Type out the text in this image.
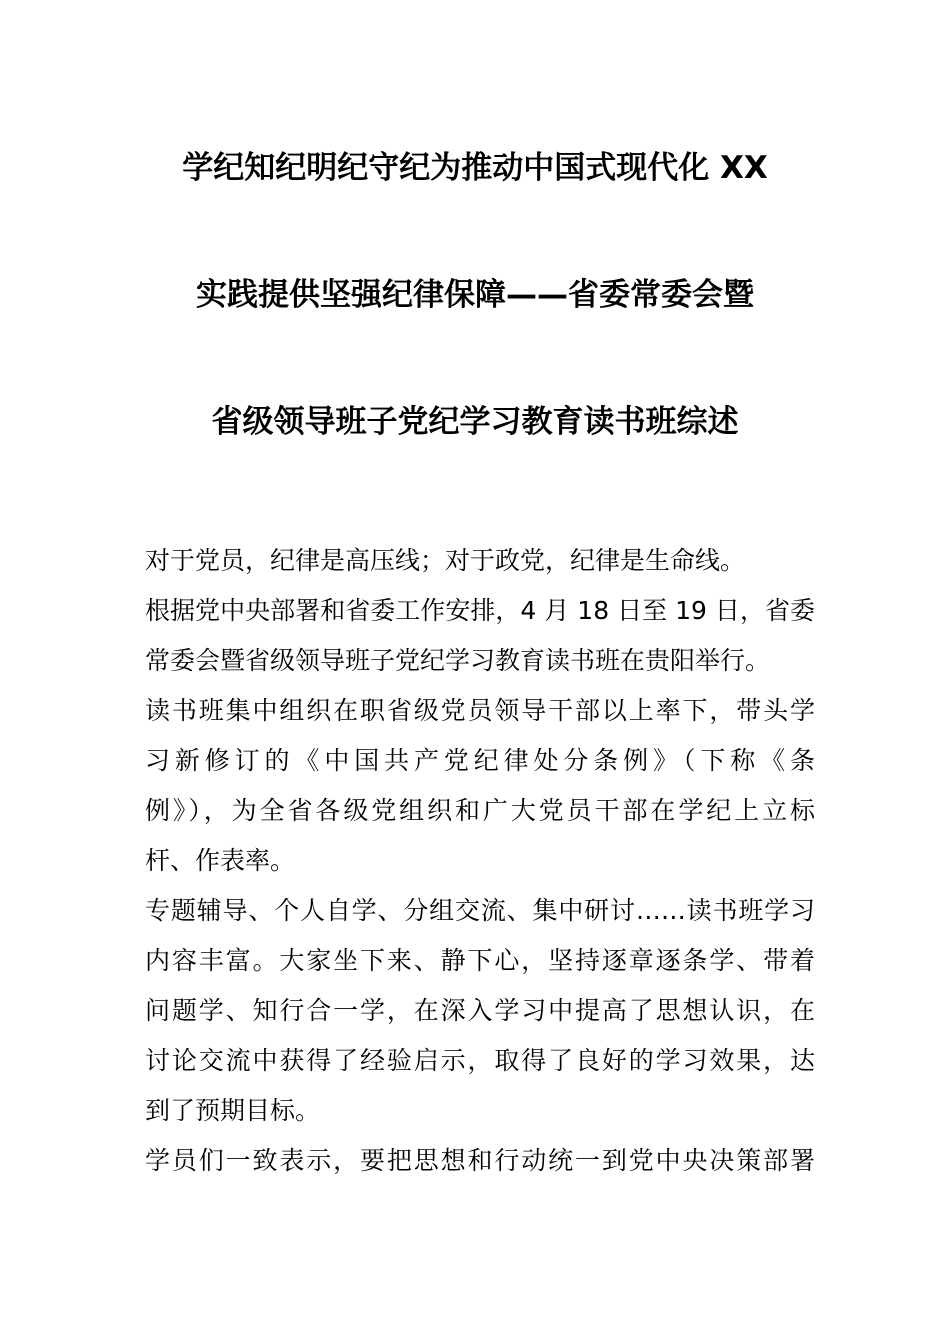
学纪知纪明纪守纪为推动中国式现代化 XX
实践提供坚强纪律保障——省委常委会暨
省级领导班子党纪学习教育读书班综述
对于党员，纪律是高压线；对于政党，纪律是生命线。
根据党中央部署和省委工作安排，4 月 18 日至 19 日，省委
常委会暨省级领导班子党纪学习教育读书班在贵阳举行。
读书班集中组织在职省级党员领导干部以上率下，带头学
习新修订的《中国共产党纪律处分条例》（下称《条
例》），为全省各级党组织和广大党员干部在学纪上立标
杆、作表率。
专题辅导、个人自学、分组交流、集中研讨……读书班学习
内容丰富。大家坐下来、静下心，坚持逐章逐条学、带着
问题学、知行合一学，在深入学习中提高了思想认识，在
讨论交流中获得了经验启示，取得了良好的学习效果，达
到了预期目标。
学员们一致表示，要把思想和行动统一到党中央决策部署
